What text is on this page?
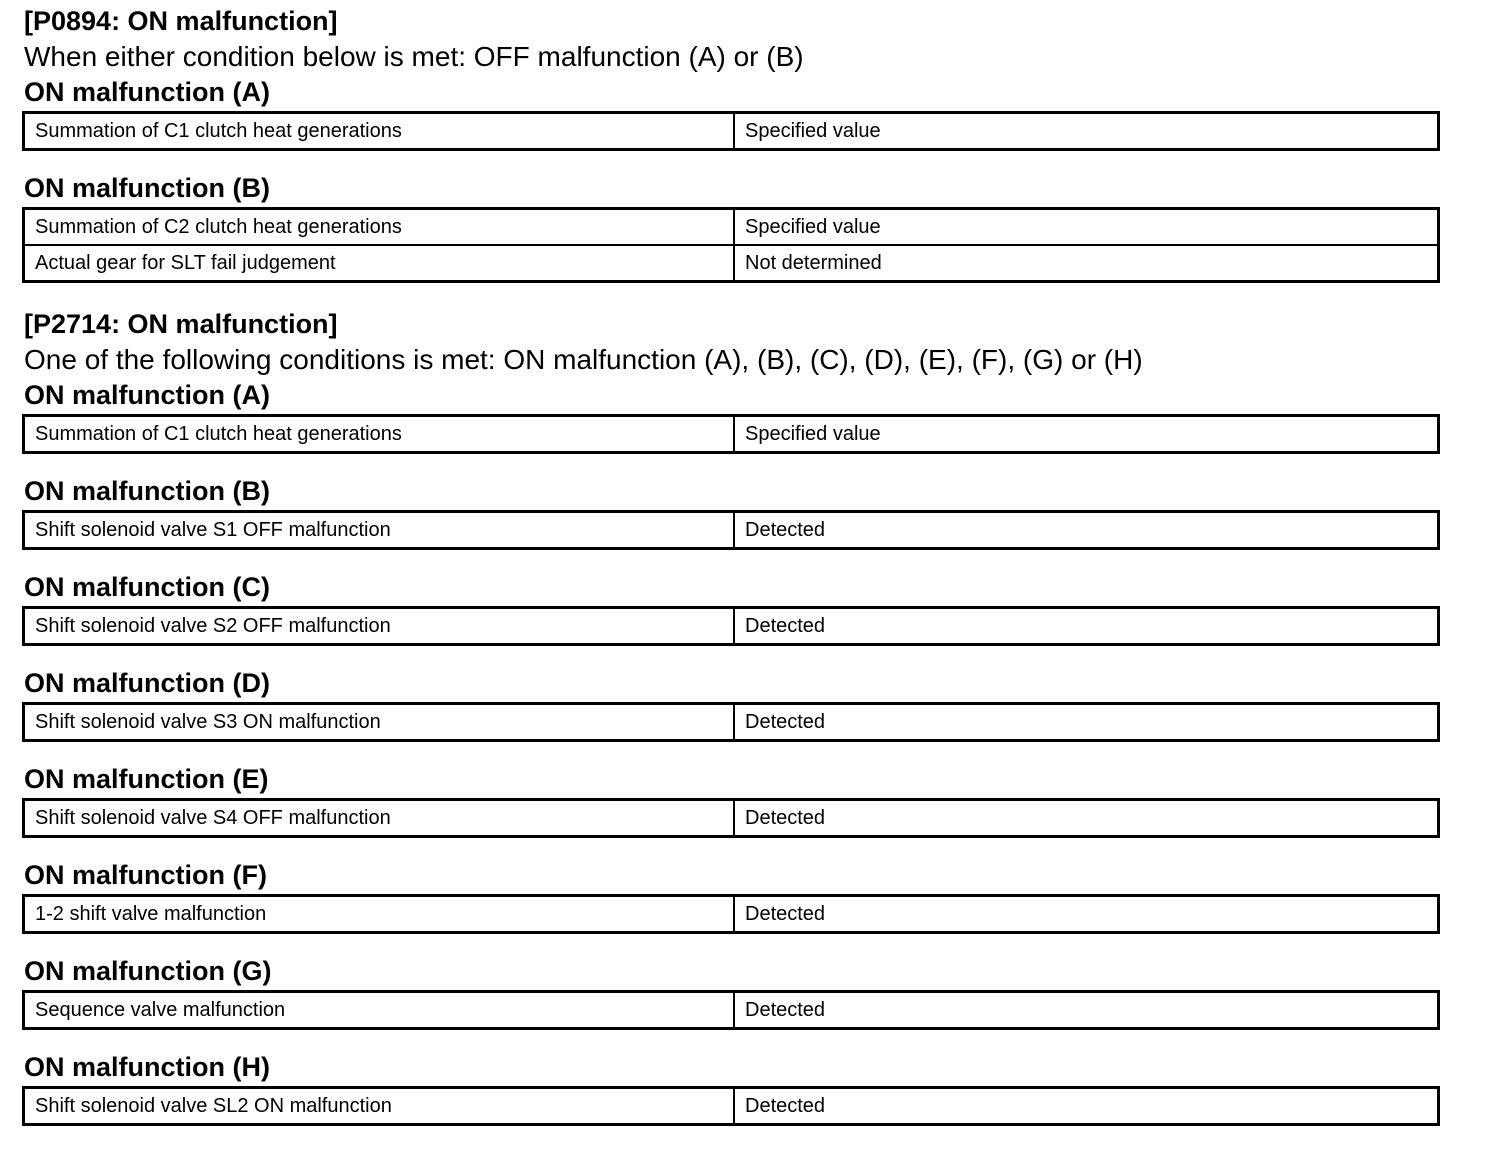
[P0894: ON malfunction]
When either condition below is met: OFF malfunction (A) or (B)
ON malfunction (A)
Summation of C1 clutch heat generations	Specified value
ON malfunction (B)
Summation of C2 clutch heat generations	Specified value
Actual gear for SLT fail judgement	Not determined
[P2714: ON malfunction]
One of the following conditions is met: ON malfunction (A), (B), (C), (D), (E), (F), (G) or (H)
ON malfunction (A)
Summation of C1 clutch heat generations	Specified value
ON malfunction (B)
Shift solenoid valve S1 OFF malfunction	Detected
ON malfunction (C)
Shift solenoid valve S2 OFF malfunction	Detected
ON malfunction (D)
Shift solenoid valve S3 ON malfunction	Detected
ON malfunction (E)
Shift solenoid valve S4 OFF malfunction	Detected
ON malfunction (F)
1-2 shift valve malfunction	Detected
ON malfunction (G)
Sequence valve malfunction	Detected
ON malfunction (H)
Shift solenoid valve SL2 ON malfunction	Detected
